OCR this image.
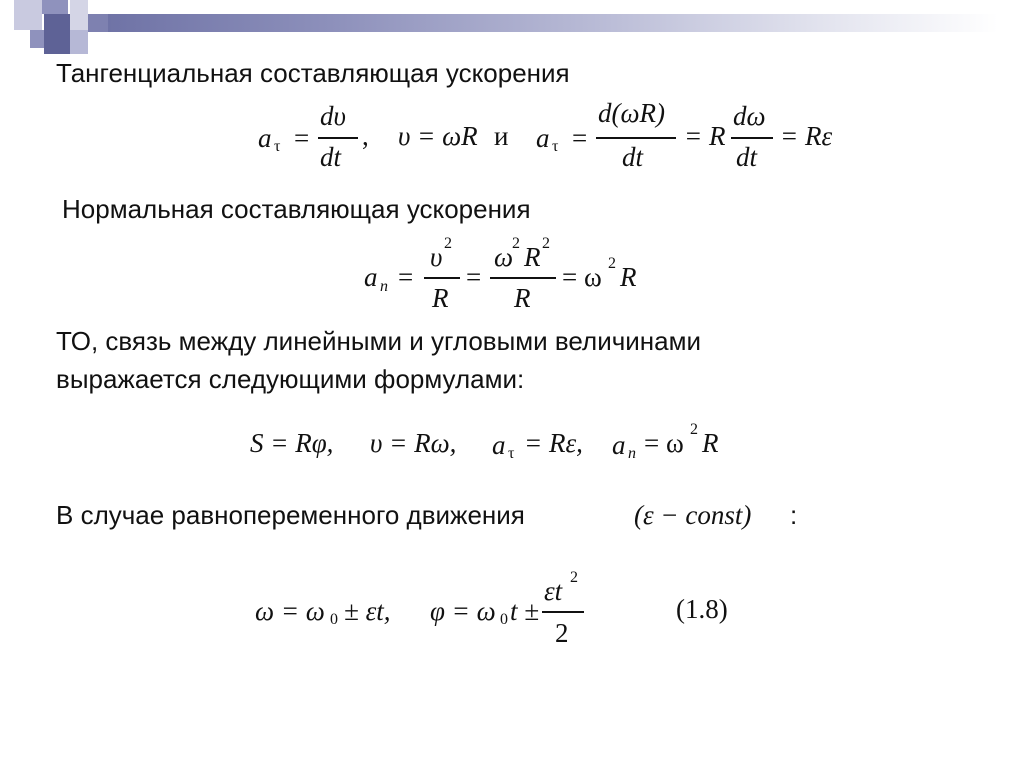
Тангенциальная составляющая ускорения
a τ =
dυ
dt
, υ = ωR и a τ =
d(ωR)
dt
= R
dω
dt
= Rε
Нормальная составляющая ускорения
a n =
υ 2
R
=
ω
2 R 2
R
= ω 2 R
ТО, связь между линейными и угловыми величинами
выражается следующими формулами:
S = Rφ, υ = Rω, a τ = Rε, a n = ω 2 R
В случае равнопеременного движения	(ε − const) :
ω = ω 0 ± εt, φ = ω 0 t ±
εt 2
2
(1.8)
